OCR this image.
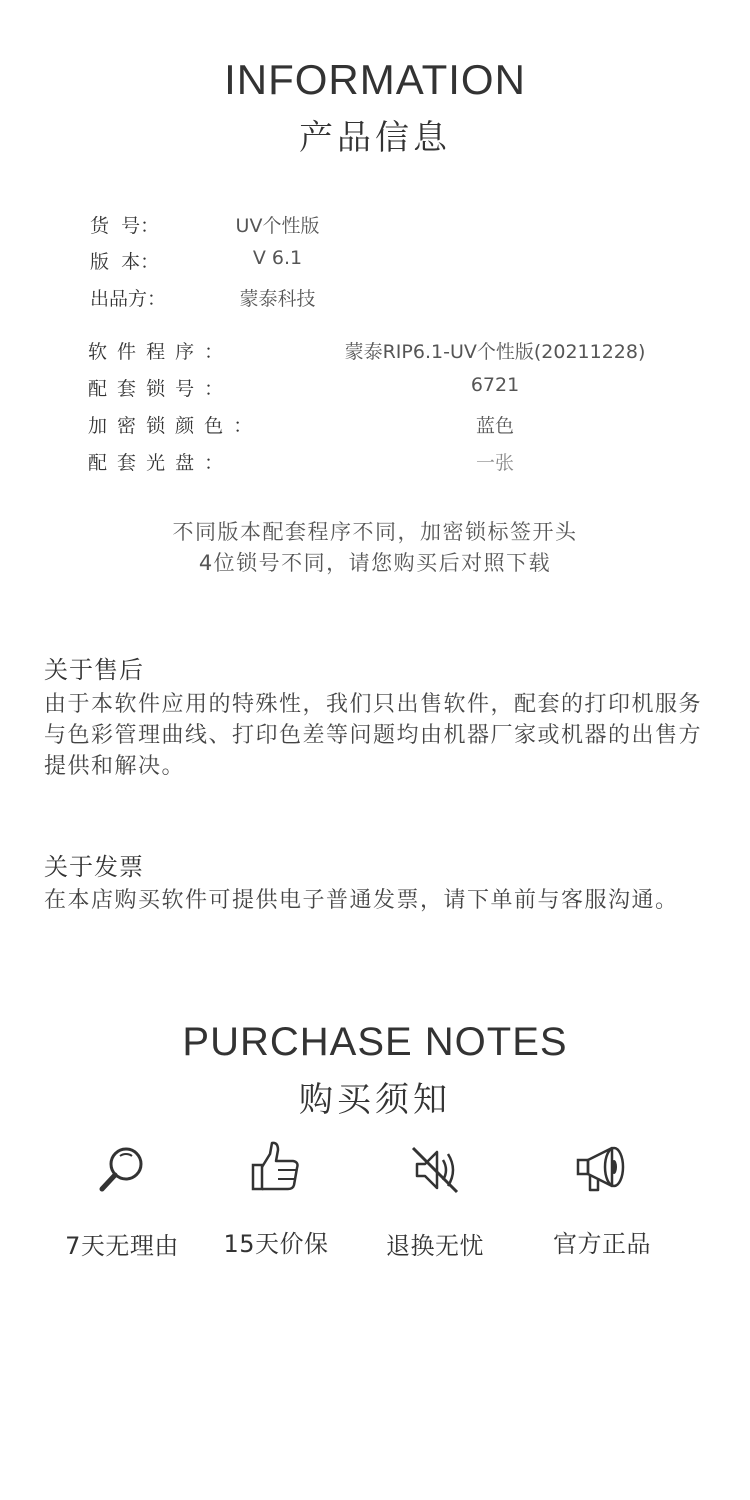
INFORMATION
产品信息
货  号：	UV个性版
版  本：	V 6.1
出品方：	蒙泰科技
软 件 程 序 ：	蒙泰RIP6.1-UV个性版(20211228)
配 套 锁 号 ：	6721
加 密 锁 颜 色 ：	蓝色
配 套 光 盘 ：	一张
不同版本配套程序不同，加密锁标签开头
4位锁号不同，请您购买后对照下载
关于售后
由于本软件应用的特殊性，我们只出售软件，配套的打印机服务与色彩管理曲线、打印色差等问题均由机器厂家或机器的出售方提供和解决。
关于发票
在本店购买软件可提供电子普通发票，请下单前与客服沟通。
PURCHASE NOTES
购买须知
7天无理由	15天价保	退换无忧	官方正品
